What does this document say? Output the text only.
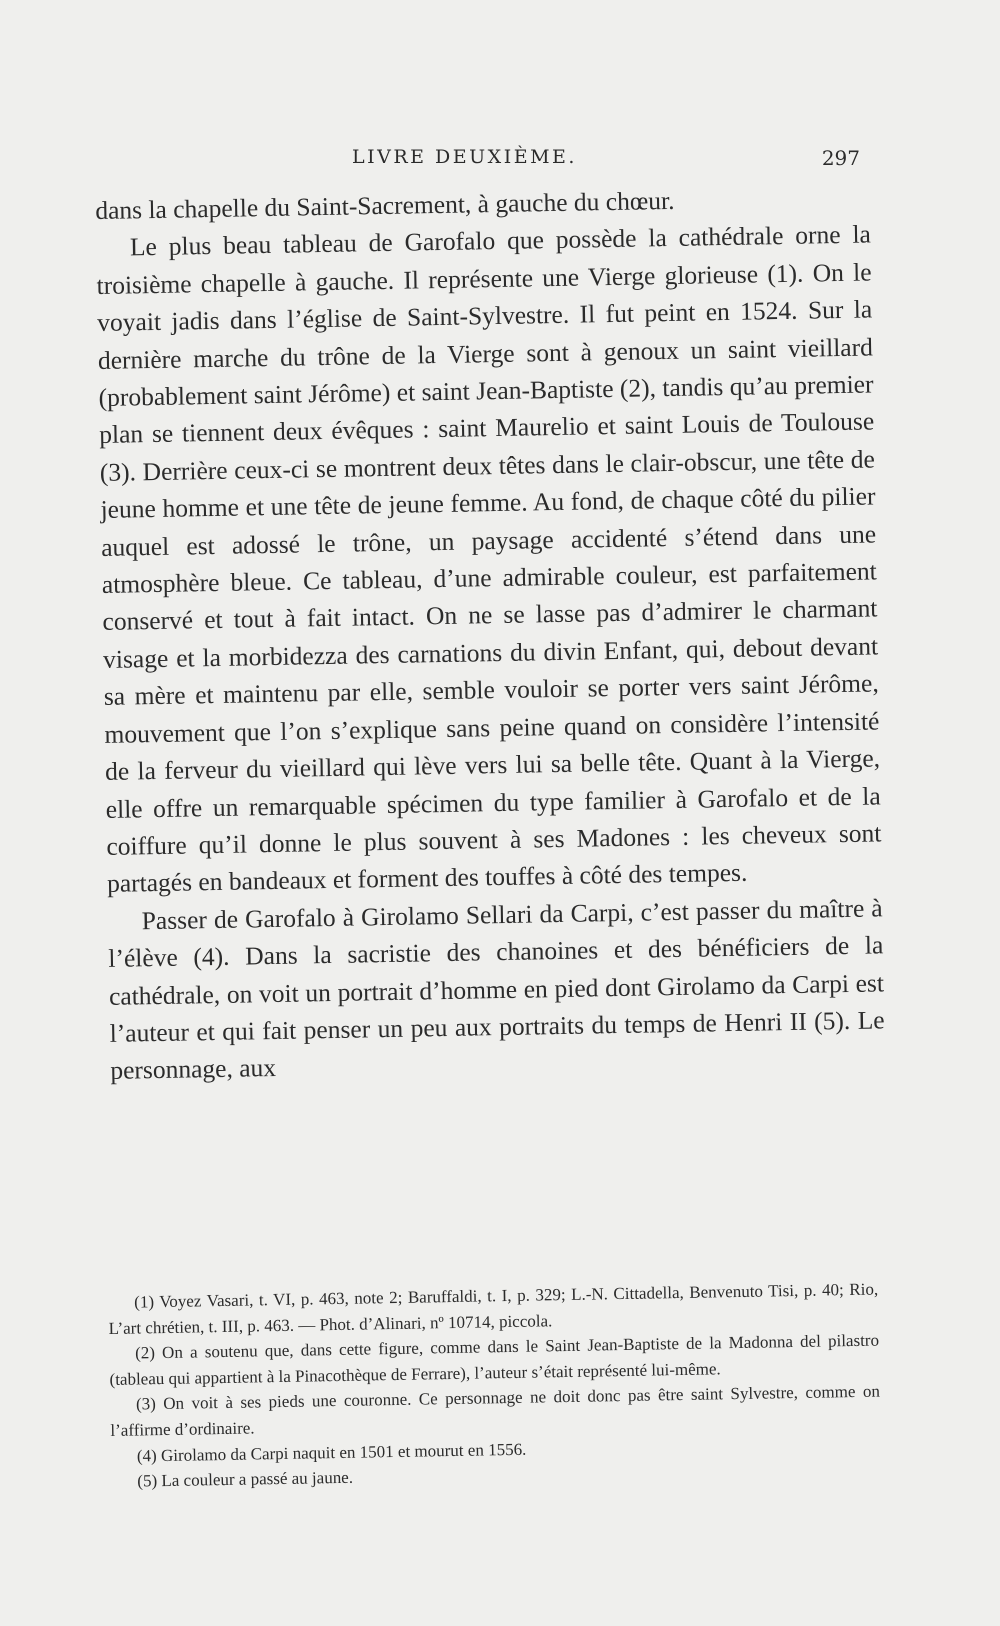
LIVRE DEUXIÈME.	297

dans la chapelle du Saint-Sacrement, à gauche du chœur.

Le plus beau tableau de Garofalo que possède la cathédrale orne la troisième chapelle à gauche. Il représente une Vierge glorieuse (1). On le voyait jadis dans l’église de Saint-Sylvestre. Il fut peint en 1524. Sur la dernière marche du trône de la Vierge sont à genoux un saint vieillard (probablement saint Jérôme) et saint Jean-Baptiste (2), tandis qu’au premier plan se tiennent deux évêques : saint Maurelio et saint Louis de Toulouse (3). Derrière ceux-ci se montrent deux têtes dans le clair-obscur, une tête de jeune homme et une tête de jeune femme. Au fond, de chaque côté du pilier auquel est adossé le trône, un paysage accidenté s’étend dans une atmosphère bleue. Ce tableau, d’une admirable couleur, est parfaitement conservé et tout à fait intact. On ne se lasse pas d’admirer le charmant visage et la morbidezza des carnations du divin Enfant, qui, debout devant sa mère et maintenu par elle, semble vouloir se porter vers saint Jérôme, mouvement que l’on s’explique sans peine quand on considère l’intensité de la ferveur du vieillard qui lève vers lui sa belle tête. Quant à la Vierge, elle offre un remarquable spécimen du type familier à Garofalo et de la coiffure qu’il donne le plus souvent à ses Madones : les cheveux sont partagés en bandeaux et forment des touffes à côté des tempes.

Passer de Garofalo à Girolamo Sellari da Carpi, c’est passer du maître à l’élève (4). Dans la sacristie des chanoines et des bénéficiers de la cathédrale, on voit un portrait d’homme en pied dont Girolamo da Carpi est l’auteur et qui fait penser un peu aux portraits du temps de Henri II (5). Le personnage, aux

(1) Voyez Vasari, t. VI, p. 463, note 2; Baruffaldi, t. I, p. 329; L.-N. Cittadella, Benvenuto Tisi, p. 40; Rio, L’art chrétien, t. III, p. 463. — Phot. d’Alinari, nº 10714, piccola.

(2) On a soutenu que, dans cette figure, comme dans le Saint Jean-Baptiste de la Madonna del pilastro (tableau qui appartient à la Pinacothèque de Ferrare), l’auteur s’était représenté lui-même.

(3) On voit à ses pieds une couronne. Ce personnage ne doit donc pas être saint Sylvestre, comme on l’affirme d’ordinaire.

(4) Girolamo da Carpi naquit en 1501 et mourut en 1556.

(5) La couleur a passé au jaune.
